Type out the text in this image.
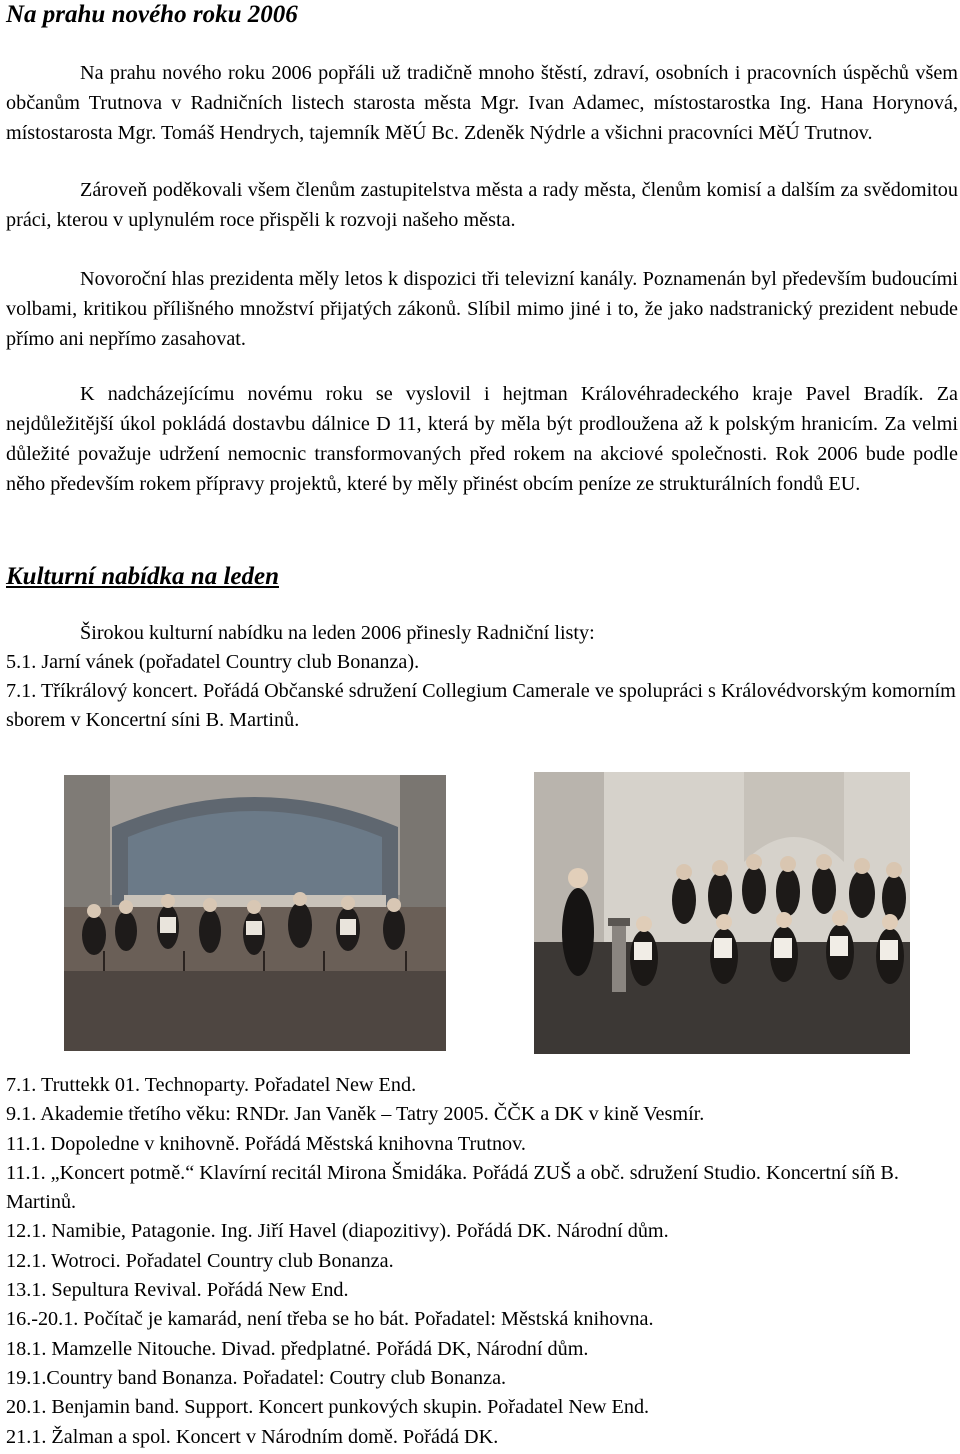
Na prahu nového roku 2006

Na prahu nového roku 2006 popřáli už tradičně mnoho štěstí, zdraví, osobních i pracovních úspěchů všem občanům Trutnova v Radničních listech starosta města Mgr. Ivan Adamec, místostarostka Ing. Hana Horynová, místostarosta Mgr. Tomáš Hendrych, tajemník MěÚ Bc. Zdeněk Nýdrle a všichni pracovníci MěÚ Trutnov.

Zároveň poděkovali všem členům zastupitelstva města a rady města, členům komisí a dalším za svědomitou práci, kterou v uplynulém roce přispěli k rozvoji našeho města.

Novoroční hlas prezidenta měly letos k dispozici tři televizní kanály. Poznamenán byl především budoucími volbami, kritikou přílišného množství přijatých zákonů. Slíbil mimo jiné i to, že jako nadstranický prezident nebude přímo ani nepřímo zasahovat.

K nadcházejícímu novému roku se vyslovil i hejtman Královéhradeckého kraje Pavel Bradík. Za nejdůležitější úkol pokládá dostavbu dálnice D 11, která by měla být prodloužena až k polským hranicím. Za velmi důležité považuje udržení nemocnic transformovaných před rokem na akciové společnosti. Rok 2006 bude podle něho především rokem přípravy projektů, které by měly přinést obcím peníze ze strukturálních fondů EU.

Kulturní nabídka na leden

Širokou kulturní nabídku na leden 2006 přinesly Radniční listy:

5.1. Jarní vánek (pořadatel Country club Bonanza).
7.1. Tříkrálový koncert. Pořádá Občanské sdružení Collegium Camerale ve spolupráci s Královédvorským komorním sborem v Koncertní síni B. Martinů.
7.1. Truttekk 01. Technoparty. Pořadatel New End.
9.1. Akademie třetího věku: RNDr. Jan Vaněk – Tatry 2005. ČČK a DK v kině Vesmír.
11.1. Dopoledne v knihovně. Pořádá Městská knihovna Trutnov.
11.1. „Koncert potmě.“ Klavírní recitál Mirona Šmidáka. Pořádá ZUŠ a obč. sdružení Studio. Koncertní síň B. Martinů.
12.1. Namibie, Patagonie. Ing. Jiří Havel (diapozitivy). Pořádá DK. Národní dům.
12.1. Wotroci. Pořadatel Country club Bonanza.
13.1. Sepultura Revival. Pořádá New End.
16.-20.1. Počítač je kamarád, není třeba se ho bát. Pořadatel: Městská knihovna.
18.1. Mamzelle Nitouche. Divad. předplatné. Pořádá DK, Národní dům.
19.1.Country band Bonanza. Pořadatel: Coutry club Bonanza.
20.1. Benjamin band. Support. Koncert punkových skupin. Pořadatel New End.
21.1. Žalman a spol. Koncert v Národním domě. Pořádá DK.
